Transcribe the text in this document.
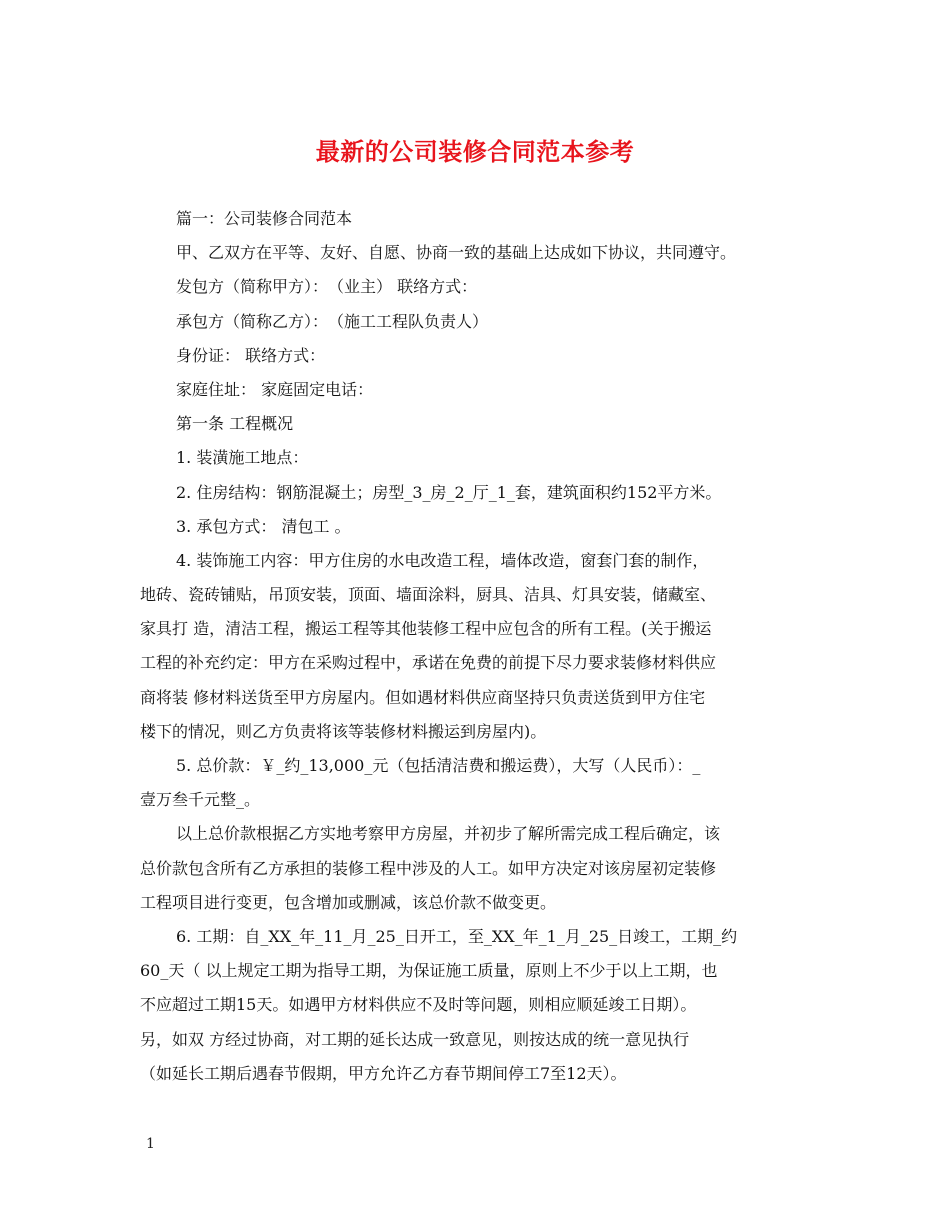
最新的公司装修合同范本参考
篇一：公司装修合同范本
甲、乙双方在平等、友好、自愿、协商一致的基础上达成如下协议，共同遵守。
发包方（简称甲方）：　（业主） 联络方式：
承包方（简称乙方）：　（施工工程队负责人）
身份证： 联络方式：
家庭住址： 家庭固定电话：
第一条 工程概况
1. 装潢施工地点：
2. 住房结构：钢筋混凝土；房型_3_房_2_厅_1_套，建筑面积约152平方米。
3. 承包方式： 清包工 。
4. 装饰施工内容：甲方住房的水电改造工程，墙体改造，窗套门套的制作，
地砖、瓷砖铺贴，吊顶安装，顶面、墙面涂料，厨具、洁具、灯具安装，储藏室、
家具打 造，清洁工程，搬运工程等其他装修工程中应包含的所有工程。(关于搬运
工程的补充约定：甲方在采购过程中，承诺在免费的前提下尽力要求装修材料供应
商将装 修材料送货至甲方房屋内。但如遇材料供应商坚持只负责送货到甲方住宅
楼下的情况，则乙方负责将该等装修材料搬运到房屋内)。
5. 总价款：￥_约_13,000_元（包括清洁费和搬运费），大写（人民币）：_
壹万叁千元整_。
以上总价款根据乙方实地考察甲方房屋，并初步了解所需完成工程后确定，该
总价款包含所有乙方承担的装修工程中涉及的人工。如甲方决定对该房屋初定装修
工程项目进行变更，包含增加或删减，该总价款不做变更。
6. 工期：自_XX_年_11_月_25_日开工，至_XX_年_1_月_25_日竣工，工期_约
60_天（ 以上规定工期为指导工期，为保证施工质量，原则上不少于以上工期，也
不应超过工期15天。如遇甲方材料供应不及时等问题，则相应顺延竣工日期）。
另，如双 方经过协商，对工期的延长达成一致意见，则按达成的统一意见执行
（如延长工期后遇春节假期，甲方允许乙方春节期间停工7至12天）。
1
